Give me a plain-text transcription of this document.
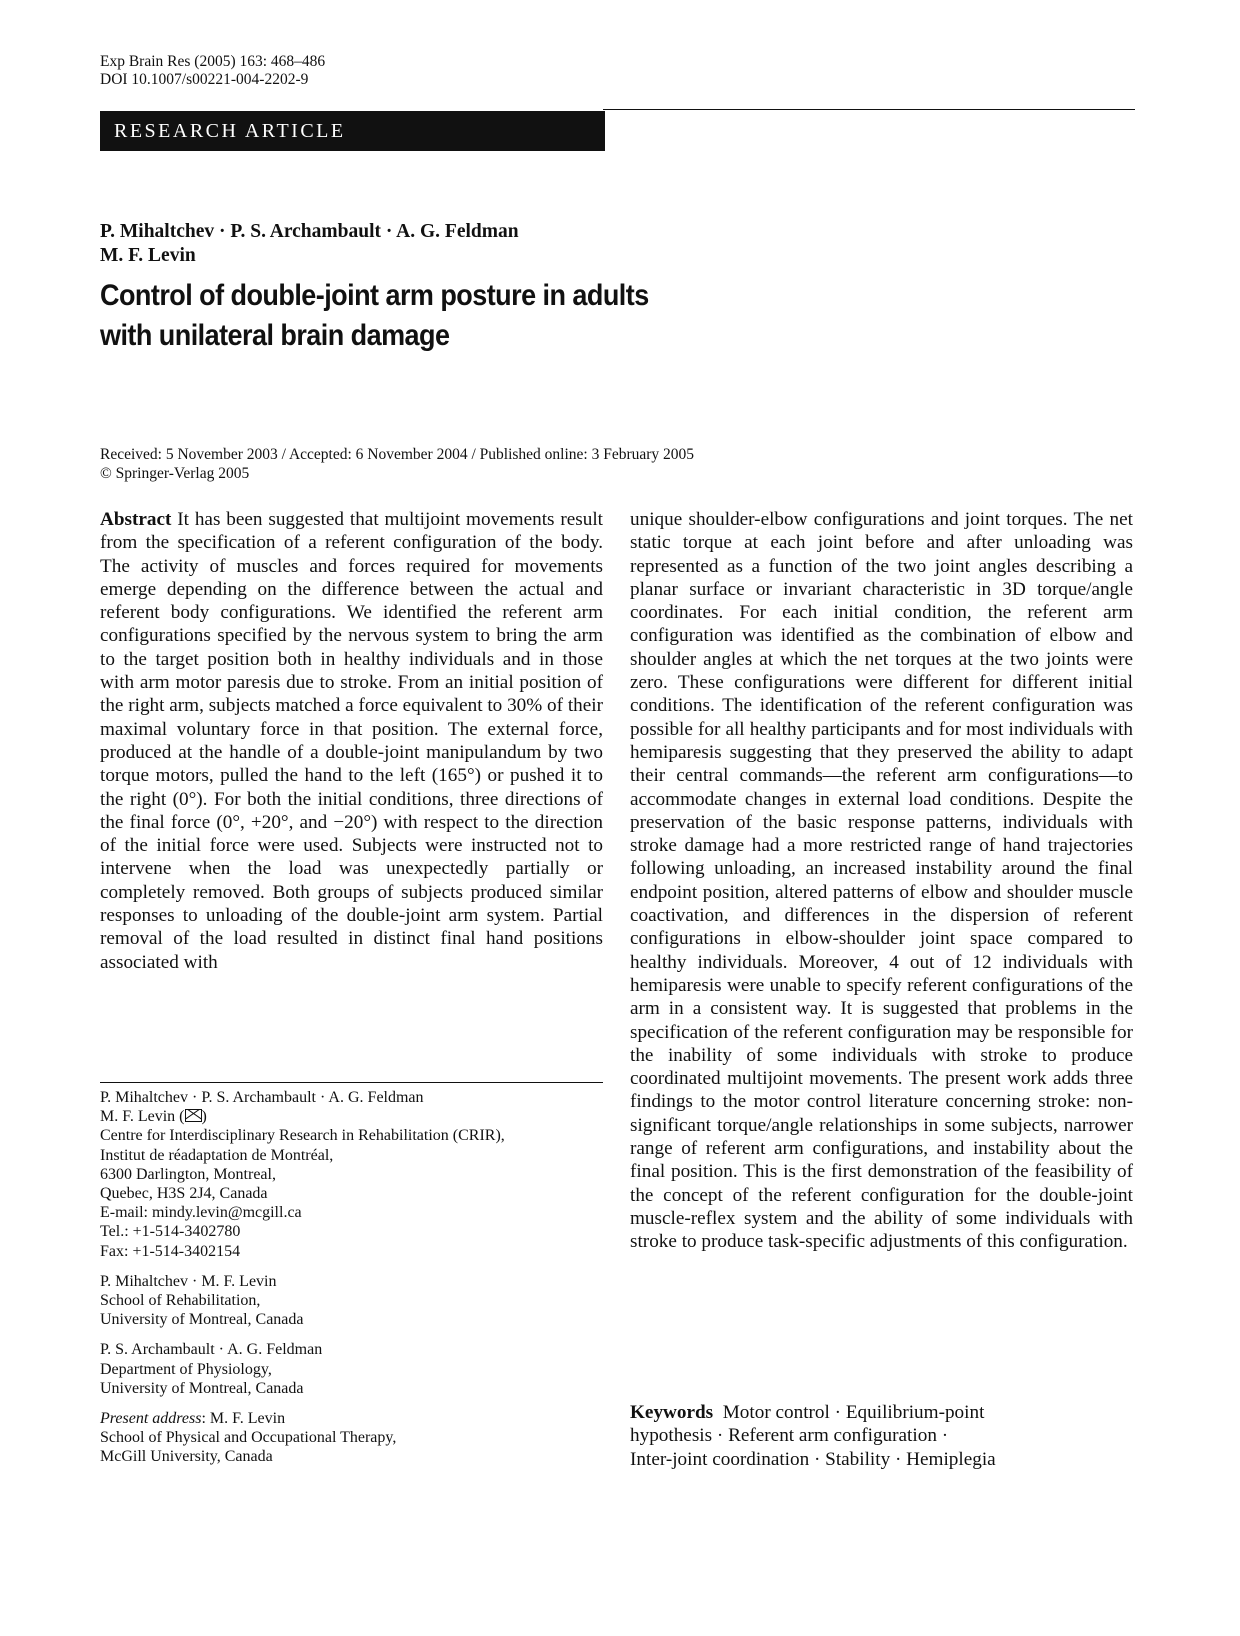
Exp Brain Res (2005) 163: 468–486
DOI 10.1007/s00221-004-2202-9
RESEARCH ARTICLE
P. Mihaltchev · P. S. Archambault · A. G. Feldman
M. F. Levin
Control of double-joint arm posture in adults
with unilateral brain damage
Received: 5 November 2003 / Accepted: 6 November 2004 / Published online: 3 February 2005
© Springer-Verlag 2005

Abstract It has been suggested that multijoint movements result from the specification of a referent configuration of the body. The activity of muscles and forces required for movements emerge depending on the difference between the actual and referent body configurations. We identified the referent arm configurations specified by the nervous system to bring the arm to the target position both in healthy individuals and in those with arm motor paresis due to stroke. From an initial position of the right arm, subjects matched a force equivalent to 30% of their maximal voluntary force in that position. The external force, produced at the handle of a double-joint manipulandum by two torque motors, pulled the hand to the left (165°) or pushed it to the right (0°). For both the initial conditions, three directions of the final force (0°, +20°, and −20°) with respect to the direction of the initial force were used. Subjects were instructed not to intervene when the load was unexpectedly partially or completely removed. Both groups of subjects produced similar responses to unloading of the double-joint arm system. Partial removal of the load resulted in distinct final hand positions associated with

unique shoulder-elbow configurations and joint torques. The net static torque at each joint before and after unloading was represented as a function of the two joint angles describing a planar surface or invariant characteristic in 3D torque/angle coordinates. For each initial condition, the referent arm configuration was identified as the combination of elbow and shoulder angles at which the net torques at the two joints were zero. These configurations were different for different initial conditions. The identification of the referent configuration was possible for all healthy participants and for most individuals with hemiparesis suggesting that they preserved the ability to adapt their central commands—the referent arm configurations—to accommodate changes in external load conditions. Despite the preservation of the basic response patterns, individuals with stroke damage had a more restricted range of hand trajectories following unloading, an increased instability around the final endpoint position, altered patterns of elbow and shoulder muscle coactivation, and differences in the dispersion of referent configurations in elbow-shoulder joint space compared to healthy individuals. Moreover, 4 out of 12 individuals with hemiparesis were unable to specify referent configurations of the arm in a consistent way. It is suggested that problems in the specification of the referent configuration may be responsible for the inability of some individuals with stroke to produce coordinated multijoint movements. The present work adds three findings to the motor control literature concerning stroke: non-significant torque/angle relationships in some subjects, narrower range of referent arm configurations, and instability about the final position. This is the first demonstration of the feasibility of the concept of the referent configuration for the double-joint muscle-reflex system and the ability of some individuals with stroke to produce task-specific adjustments of this configuration.

P. Mihaltchev · P. S. Archambault · A. G. Feldman
M. F. Levin ( )
Centre for Interdisciplinary Research in Rehabilitation (CRIR),
Institut de réadaptation de Montréal,
6300 Darlington, Montreal,
Quebec, H3S 2J4, Canada
E-mail: mindy.levin@mcgill.ca
Tel.: +1-514-3402780
Fax: +1-514-3402154
P. Mihaltchev · M. F. Levin
School of Rehabilitation,
University of Montreal, Canada
P. S. Archambault · A. G. Feldman
Department of Physiology,
University of Montreal, Canada
Present address: M. F. Levin
School of Physical and Occupational Therapy,
McGill University, Canada
Keywords  Motor control · Equilibrium-point
hypothesis · Referent arm configuration ·
Inter-joint coordination · Stability · Hemiplegia
